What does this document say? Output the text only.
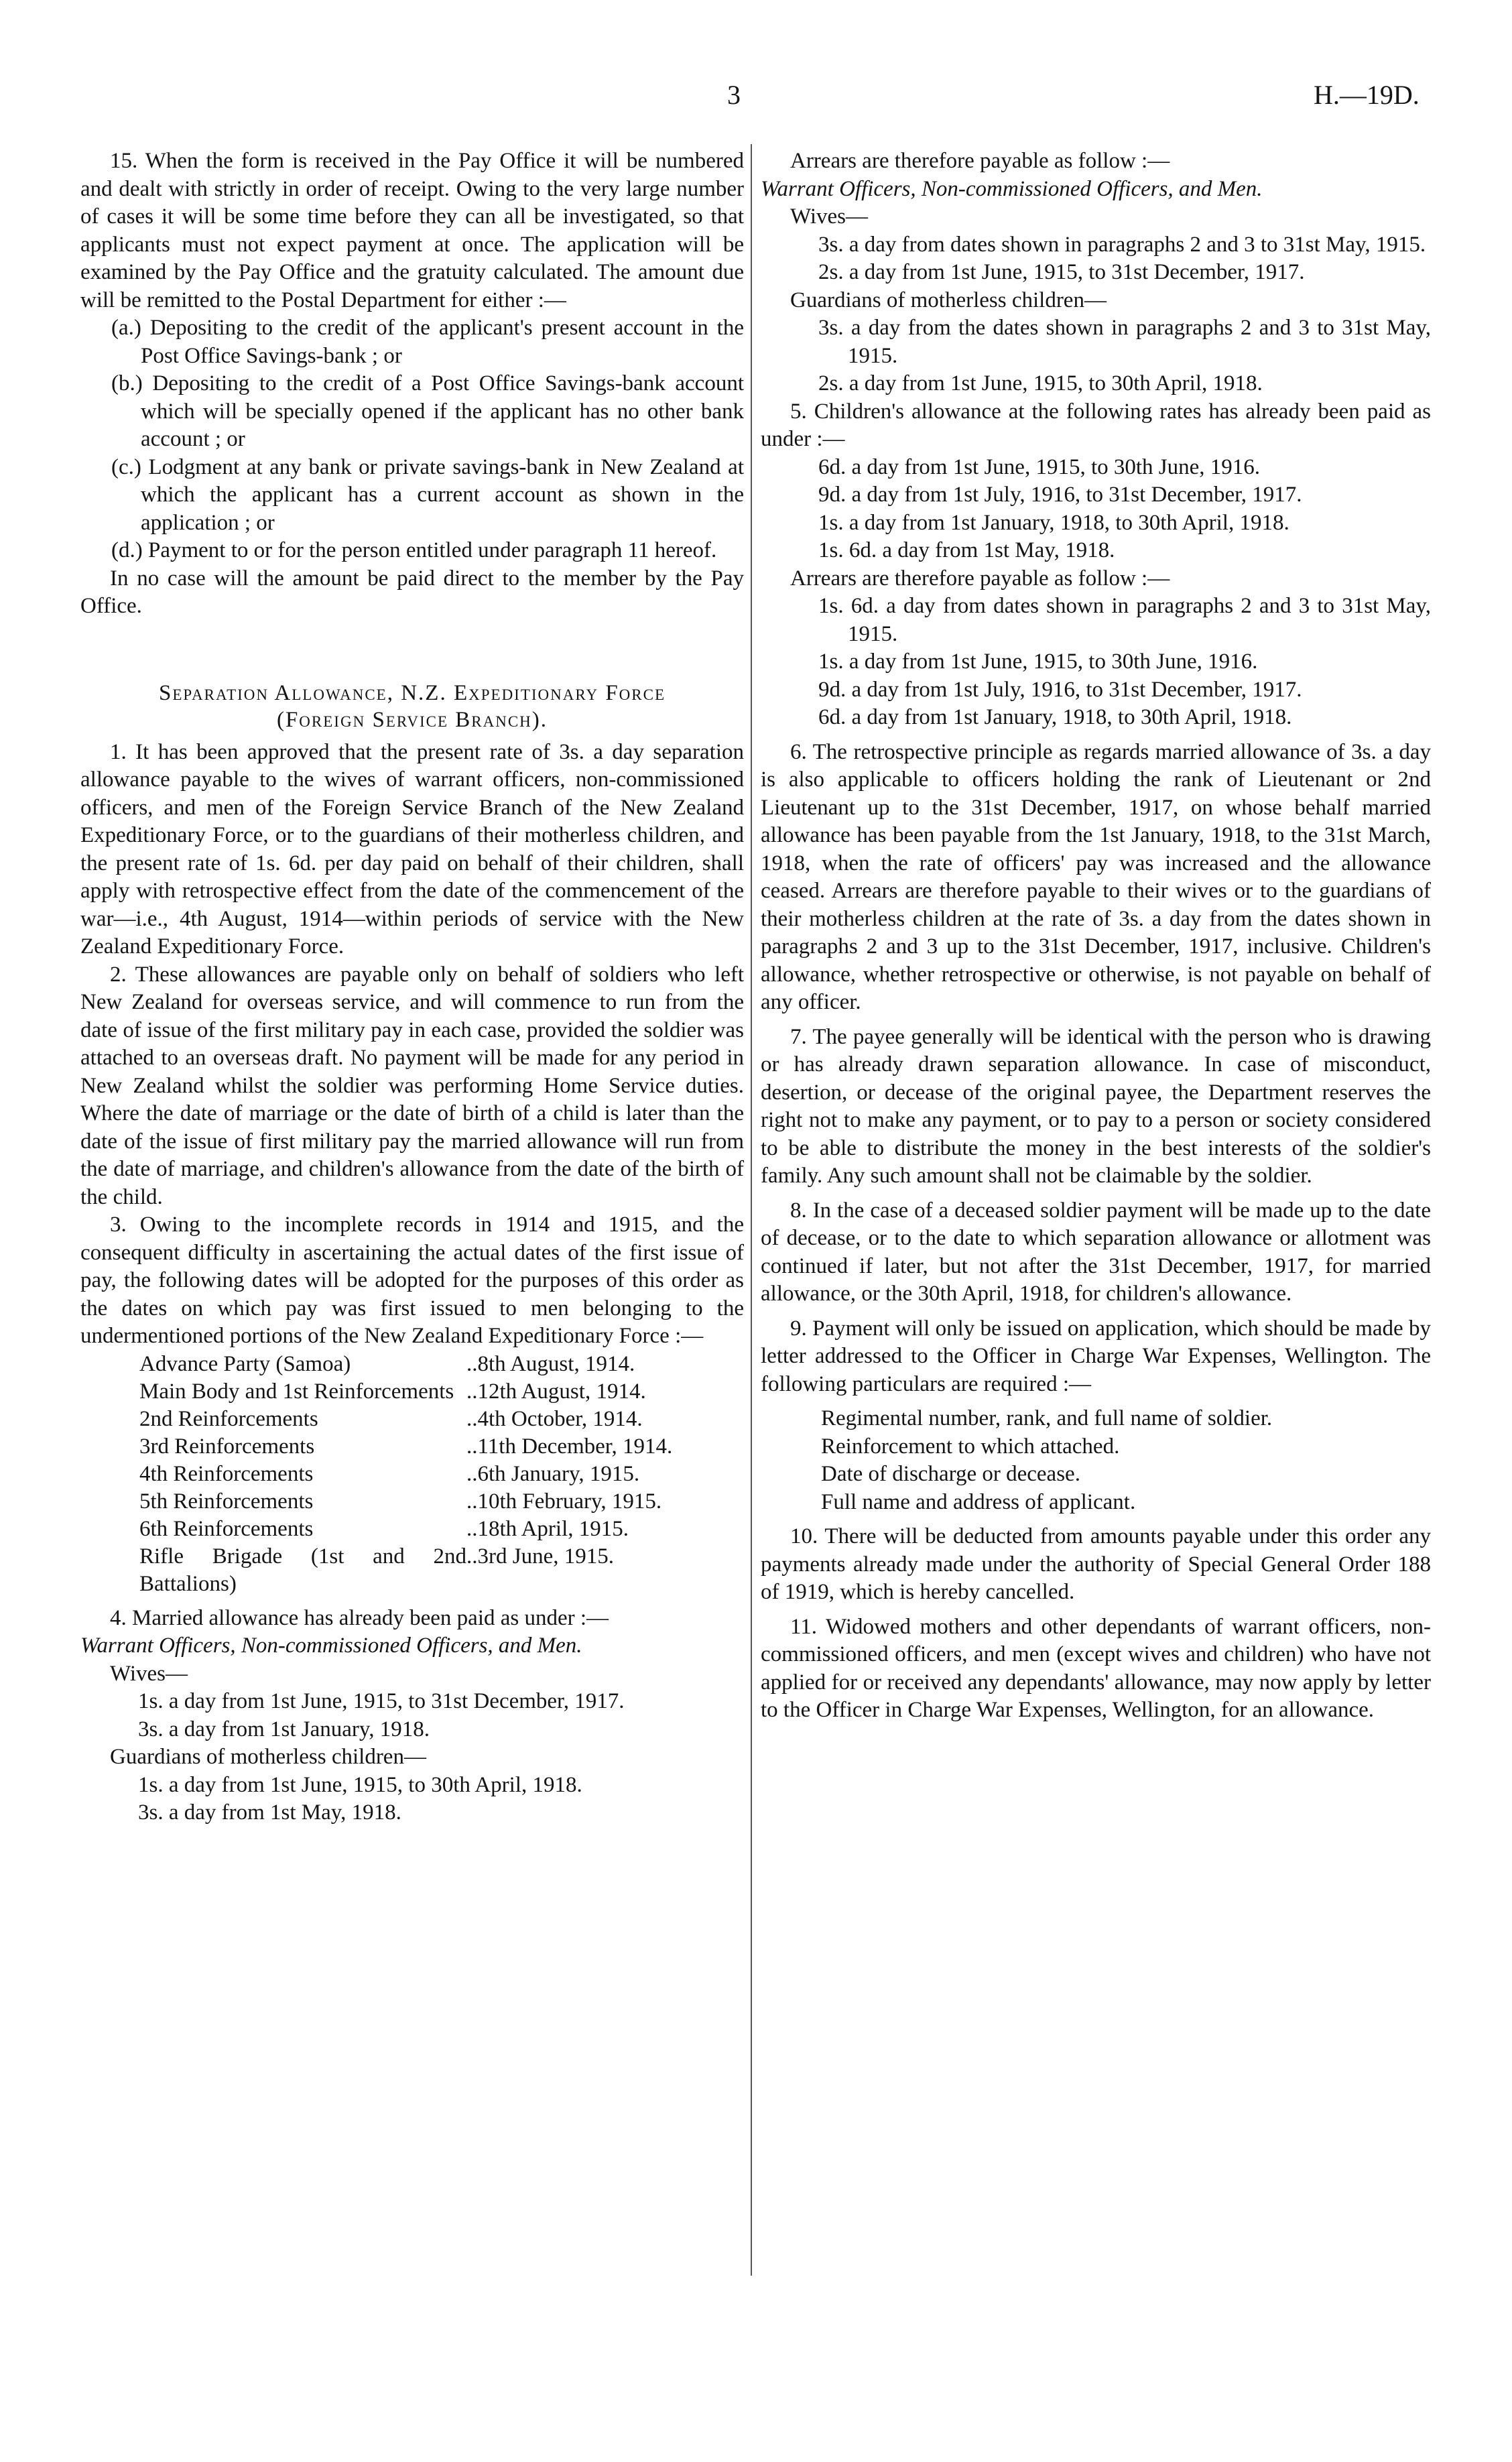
3	H.—19D.

15. When the form is received in the Pay Office it will be numbered and dealt with strictly in order of receipt. Owing to the very large number of cases it will be some time before they can all be investigated, so that applicants must not expect payment at once. The application will be examined by the Pay Office and the gratuity calculated. The amount due will be remitted to the Postal Department for either :—

(a.) Depositing to the credit of the applicant's present account in the Post Office Savings-bank ; or

(b.) Depositing to the credit of a Post Office Savings-bank account which will be specially opened if the applicant has no other bank account ; or

(c.) Lodgment at any bank or private savings-bank in New Zealand at which the applicant has a current account as shown in the application ; or

(d.) Payment to or for the person entitled under paragraph 11 hereof.

In no case will the amount be paid direct to the member by the Pay Office.

Separation Allowance, N.Z. Expeditionary Force
(Foreign Service Branch).

1. It has been approved that the present rate of 3s. a day separation allowance payable to the wives of warrant officers, non-commissioned officers, and men of the Foreign Service Branch of the New Zealand Expeditionary Force, or to the guardians of their motherless children, and the present rate of 1s. 6d. per day paid on behalf of their children, shall apply with retrospective effect from the date of the commencement of the war—i.e., 4th August, 1914—within periods of service with the New Zealand Expeditionary Force.

2. These allowances are payable only on behalf of soldiers who left New Zealand for overseas service, and will commence to run from the date of issue of the first military pay in each case, provided the soldier was attached to an overseas draft. No payment will be made for any period in New Zealand whilst the soldier was performing Home Service duties. Where the date of marriage or the date of birth of a child is later than the date of the issue of first military pay the married allowance will run from the date of marriage, and children's allowance from the date of the birth of the child.

3. Owing to the incomplete records in 1914 and 1915, and the consequent difficulty in ascertaining the actual dates of the first issue of pay, the following dates will be adopted for the purposes of this order as the dates on which pay was first issued to men belonging to the undermentioned portions of the New Zealand Expeditionary Force :—

Advance Party (Samoa)	..	8th August, 1914.
Main Body and 1st Reinforcements	..	12th August, 1914.
2nd Reinforcements	..	4th October, 1914.
3rd Reinforcements	..	11th December, 1914.
4th Reinforcements	..	6th January, 1915.
5th Reinforcements	..	10th February, 1915.
6th Reinforcements	..	18th April, 1915.
Rifle Brigade (1st and 2nd Battalions)	..	3rd June, 1915.

4. Married allowance has already been paid as under :—

Warrant Officers, Non-commissioned Officers, and Men.

Wives—

1s. a day from 1st June, 1915, to 31st December, 1917.

3s. a day from 1st January, 1918.

Guardians of motherless children—

1s. a day from 1st June, 1915, to 30th April, 1918.

3s. a day from 1st May, 1918.

Arrears are therefore payable as follow :—

Warrant Officers, Non-commissioned Officers, and Men.

Wives—

3s. a day from dates shown in paragraphs 2 and 3 to 31st May, 1915.

2s. a day from 1st June, 1915, to 31st December, 1917.

Guardians of motherless children—

3s. a day from the dates shown in paragraphs 2 and 3 to 31st May, 1915.

2s. a day from 1st June, 1915, to 30th April, 1918.

5. Children's allowance at the following rates has already been paid as under :—

6d. a day from 1st June, 1915, to 30th June, 1916.

9d. a day from 1st July, 1916, to 31st December, 1917.

1s. a day from 1st January, 1918, to 30th April, 1918.

1s. 6d. a day from 1st May, 1918.

Arrears are therefore payable as follow :—

1s. 6d. a day from dates shown in paragraphs 2 and 3 to 31st May, 1915.

1s. a day from 1st June, 1915, to 30th June, 1916.

9d. a day from 1st July, 1916, to 31st December, 1917.

6d. a day from 1st January, 1918, to 30th April, 1918.

6. The retrospective principle as regards married allowance of 3s. a day is also applicable to officers holding the rank of Lieutenant or 2nd Lieutenant up to the 31st December, 1917, on whose behalf married allowance has been payable from the 1st January, 1918, to the 31st March, 1918, when the rate of officers' pay was increased and the allowance ceased. Arrears are therefore payable to their wives or to the guardians of their motherless children at the rate of 3s. a day from the dates shown in paragraphs 2 and 3 up to the 31st December, 1917, inclusive. Children's allowance, whether retrospective or otherwise, is not payable on behalf of any officer.

7. The payee generally will be identical with the person who is drawing or has already drawn separation allowance. In case of misconduct, desertion, or decease of the original payee, the Department reserves the right not to make any payment, or to pay to a person or society considered to be able to distribute the money in the best interests of the soldier's family. Any such amount shall not be claimable by the soldier.

8. In the case of a deceased soldier payment will be made up to the date of decease, or to the date to which separation allowance or allotment was continued if later, but not after the 31st December, 1917, for married allowance, or the 30th April, 1918, for children's allowance.

9. Payment will only be issued on application, which should be made by letter addressed to the Officer in Charge War Expenses, Wellington. The following particulars are required :—

Regimental number, rank, and full name of soldier.

Reinforcement to which attached.

Date of discharge or decease.

Full name and address of applicant.

10. There will be deducted from amounts payable under this order any payments already made under the authority of Special General Order 188 of 1919, which is hereby cancelled.

11. Widowed mothers and other dependants of warrant officers, non-commissioned officers, and men (except wives and children) who have not applied for or received any dependants' allowance, may now apply by letter to the Officer in Charge War Expenses, Wellington, for an allowance.
